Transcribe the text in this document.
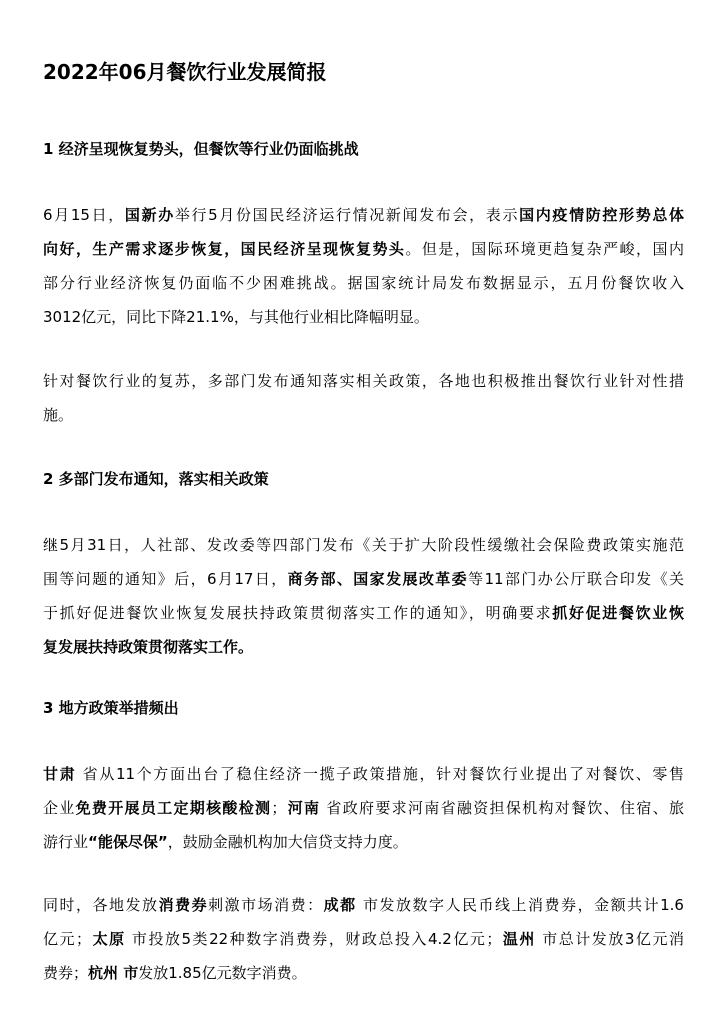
2022年06月餐饮行业发展简报
1 经济呈现恢复势头，但餐饮等行业仍面临挑战
6月15日，国新办举行5月份国民经济运行情况新闻发布会，表示国内疫情防控形势总体
向好，生产需求逐步恢复，国民经济呈现恢复势头。但是，国际环境更趋复杂严峻，国内
部分行业经济恢复仍面临不少困难挑战。据国家统计局发布数据显示，五月份餐饮收入
3012亿元，同比下降21.1%，与其他行业相比降幅明显。
针对餐饮行业的复苏，多部门发布通知落实相关政策，各地也积极推出餐饮行业针对性措
施。
2 多部门发布通知，落实相关政策
继5月31日，人社部、发改委等四部门发布《关于扩大阶段性缓缴社会保险费政策实施范
围等问题的通知》后，6月17日，商务部、国家发展改革委等11部门办公厅联合印发《关
于抓好促进餐饮业恢复发展扶持政策贯彻落实工作的通知》，明确要求抓好促进餐饮业恢
复发展扶持政策贯彻落实工作。
3 地方政策举措频出
甘肃 省从11个方面出台了稳住经济一揽子政策措施，针对餐饮行业提出了对餐饮、零售
企业免费开展员工定期核酸检测；河南 省政府要求河南省融资担保机构对餐饮、住宿、旅
游行业“能保尽保”，鼓励金融机构加大信贷支持力度。
同时，各地发放消费券刺激市场消费：成都 市发放数字人民币线上消费券，金额共计1.6
亿元；太原 市投放5类22种数字消费券，财政总投入4.2亿元；温州 市总计发放3亿元消
费券；杭州 市发放1.85亿元数字消费。
